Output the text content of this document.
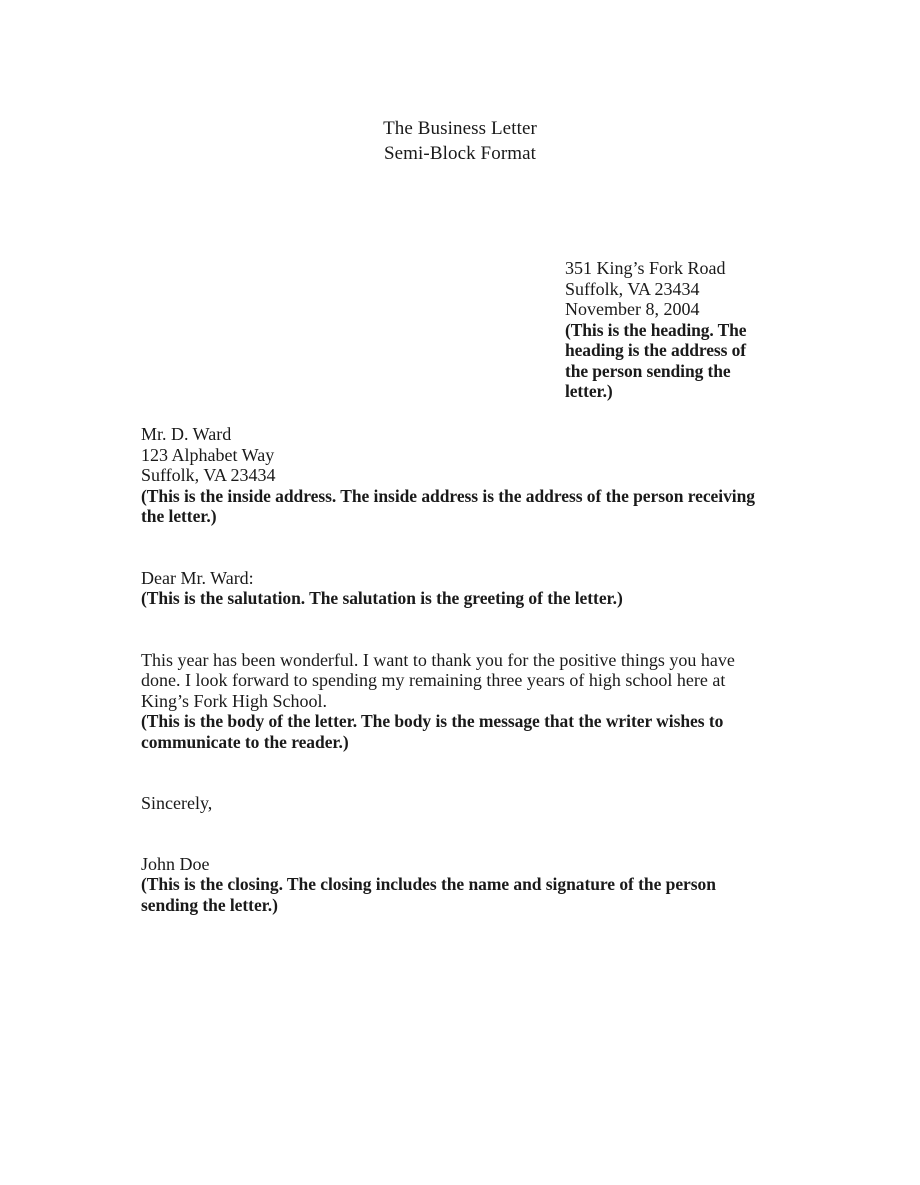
The Business Letter
Semi-Block Format
351 King’s Fork Road
Suffolk, VA 23434
November 8, 2004
(This is the heading. The heading is the address of the person sending the letter.)
Mr. D. Ward
123 Alphabet Way
Suffolk, VA 23434
(This is the inside address. The inside address is the address of the person receiving the letter.)
Dear Mr. Ward:
(This is the salutation. The salutation is the greeting of the letter.)
This year has been wonderful. I want to thank you for the positive things you have done. I look forward to spending my remaining three years of high school here at King’s Fork High School.
(This is the body of the letter. The body is the message that the writer wishes to communicate to the reader.)
Sincerely,
John Doe
(This is the closing. The closing includes the name and signature of the person sending the letter.)
